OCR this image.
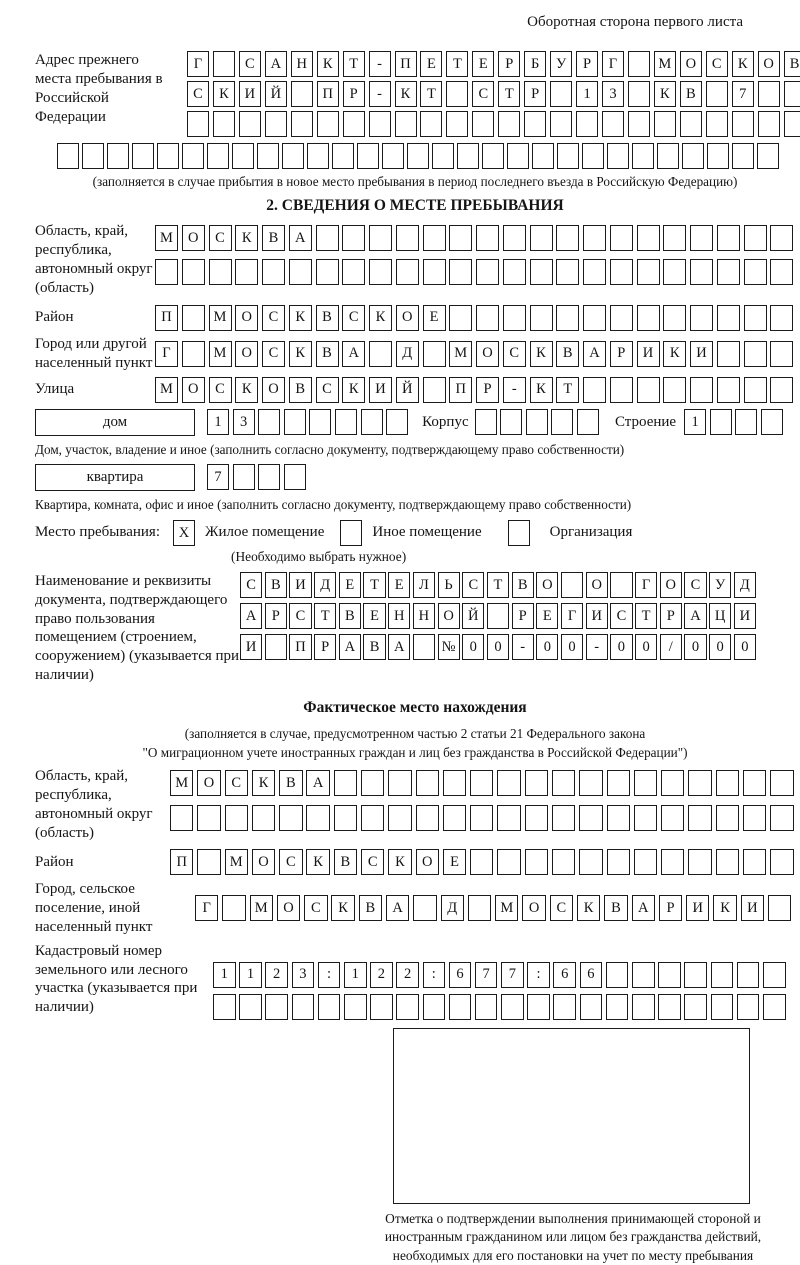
Оборотная сторона первого листа
Адрес прежнего места пребывания в Российской Федерации
Г	С	А	Н	К	Т	-	П	Е	Т	Е	Р	Б	У	Р	Г	М О	С	К	О	В
С	К	И	Й	П	Р	-	К	Т	С	Т	Р	1	3	К	В	7
(заполняется в случае прибытия в новое место пребывания в период последнего въезда в Российскую Федерацию)
2. СВЕДЕНИЯ О МЕСТЕ ПРЕБЫВАНИЯ
Область, край, республика, автономный округ (область)
М	О	С	К	В	А
Район	П	М	О	С	К	В	С	К	О	Е
Город или другой населенный пункт
Г	М	О	С	К	В	А	Д	М	О	С	К	В	А	Р	И	К	И
Улица	М	О	С	К	О	В	С	К	И	Й	П	Р	-	К	Т
дом	1	3	Корпус	Строение	1
Дом, участок, владение и иное (заполнить согласно документу, подтверждающему право собственности)
квартира	7
Квартира, комната, офис и иное (заполнить согласно документу, подтверждающему право собственности)
Место пребывания:	X	Жилое помещение	Иное помещение	Организация
(Необходимо выбрать нужное)
Наименование и реквизиты документа, подтверждающего право пользования помещением (строением, сооружением) (указывается при наличии)
С	В	И	Д	Е	Т	Е	Л	Ь	С	Т	В	О	О	Г	О	С	У	Д
А	Р	С	Т	В	Е	Н Н О Й	Р	Е	Г	И	С	Т	Р	А Ц И
И	П	Р	А	В	А	№ 0	0	-	0	0	-	0	0	/	0	0	0
Фактическое место нахождения
(заполняется в случае, предусмотренном частью 2 статьи 21 Федерального закона
"О миграционном учете иностранных граждан и лиц без гражданства в Российской Федерации")
Область, край, республика, автономный округ (область)
М	О	С	К	В	А
Район	П	М	О	С	К	В	С	К	О	Е
Город, сельское поселение, иной населенный пункт
Г	М	О	С	К	В	А	Д	М	О	С	К	В	А	Р	И	К	И
Кадастровый номер земельного или лесного участка (указывается при наличии)
1	1	2	3	:	1	2	2	:	6	7	7	:	6	6
Отметка о подтверждении выполнения принимающей стороной и иностранным гражданином или лицом без гражданства действий, необходимых для его постановки на учет по месту пребывания
